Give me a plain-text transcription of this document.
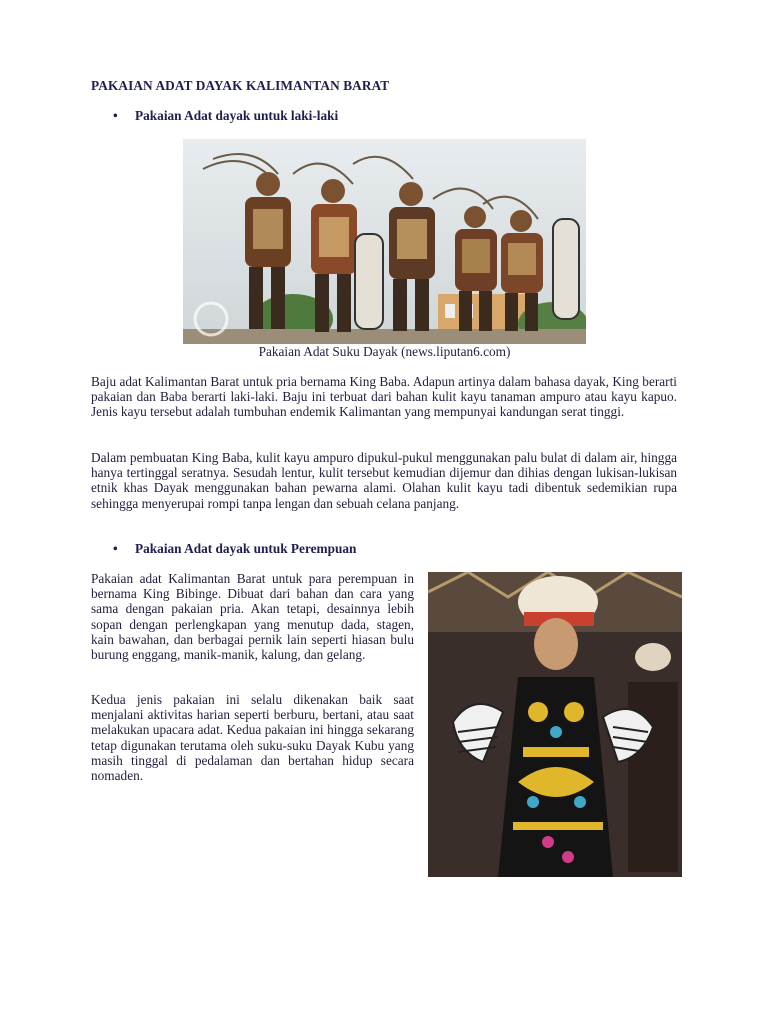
PAKAIAN ADAT DAYAK KALIMANTAN BARAT
• Pakaian Adat dayak untuk laki-laki

Pakaian Adat Suku Dayak (news.liputan6.com)

Baju adat Kalimantan Barat untuk pria bernama King Baba. Adapun artinya dalam bahasa dayak, King berarti pakaian dan Baba berarti laki-laki. Baju ini terbuat dari bahan kulit kayu tanaman ampuro atau kayu kapuo. Jenis kayu tersebut adalah tumbuhan endemik Kalimantan yang mempunyai kandungan serat tinggi.

Dalam pembuatan King Baba, kulit kayu ampuro dipukul-pukul menggunakan palu bulat di dalam air, hingga hanya tertinggal seratnya. Sesudah lentur, kulit tersebut kemudian dijemur dan dihias dengan lukisan-lukisan etnik khas Dayak menggunakan bahan pewarna alami. Olahan kulit kayu tadi dibentuk sedemikian rupa sehingga menyerupai rompi tanpa lengan dan sebuah celana panjang.

• Pakaian Adat dayak untuk Perempuan

Pakaian adat Kalimantan Barat untuk para perempuan in bernama King Bibinge. Dibuat dari bahan dan cara yang sama dengan pakaian pria. Akan tetapi, desainnya lebih sopan dengan perlengkapan yang menutup dada, stagen, kain bawahan, dan berbagai pernik lain seperti hiasan bulu burung enggang, manik-manik, kalung, dan gelang.

Kedua jenis pakaian ini selalu dikenakan baik saat menjalani aktivitas harian seperti berburu, bertani, atau saat melakukan upacara adat. Kedua pakaian ini hingga sekarang tetap digunakan terutama oleh suku-suku Dayak Kubu yang masih tinggal di pedalaman dan bertahan hidup secara nomaden.
